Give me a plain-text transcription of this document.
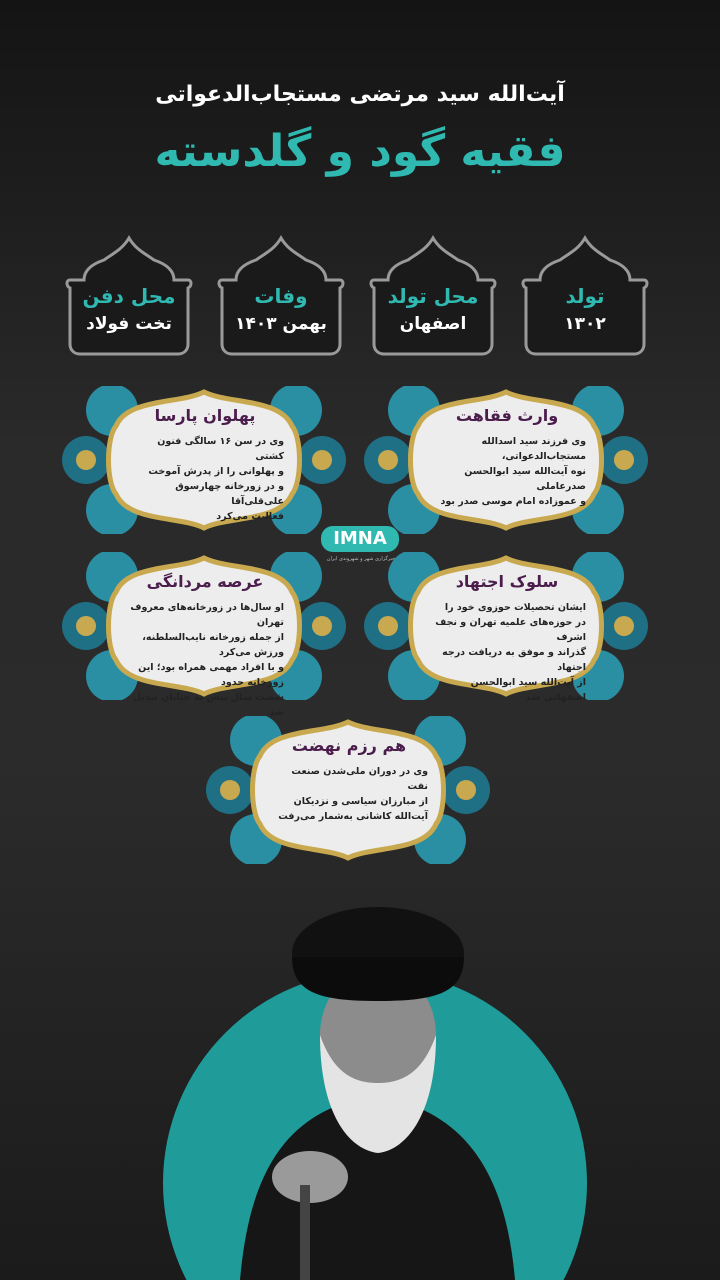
آیت‌الله سید مرتضی مستجاب‌الدعواتی
فقیه گود و گلدسته
تولد
۱۳۰۲
محل تولد
اصفهان
وفات
بهمن ۱۴۰۳
محل دفن
تخت فولاد
وارث فقاهت
وی فرزند سید اسدالله مستجاب‌الدعواتی،
نوه آیت‌الله سید ابوالحسن صدرعاملی
و عموزاده امام موسی صدر بود
پهلوان پارسا
وی در سن ۱۶ سالگی فنون کشتی
و پهلوانی را از پدرش آموخت
و در زورخانه چهارسوق علی‌قلی‌آقا
فعالیت می‌کرد
IMNA
خبرگزاری شهر و شهروندی ایران
سلوک اجتهاد
ایشان تحصیلات حوزوی خود را
در حوزه‌های علمیه تهران و نجف اشرف
گذراند و موفق به دریافت درجه اجتهاد
از آیت‌الله سید ابوالحسن اصفهانی شد
عرصه مردانگی
او سال‌ها در زورخانه‌های معروف تهران
از جمله زورخانه نایب‌السلطنه، ورزش می‌کرد
و با افراد مهمی همراه بود؛ این زورخانه حدود
شصت سال پیش به خیابان تبدیل شد
هم رزم نهضت
وی در دوران ملی‌شدن صنعت نفت
از مبارزان سیاسی و نزدیکان
آیت‌الله کاشانی به‌شمار می‌رفت
